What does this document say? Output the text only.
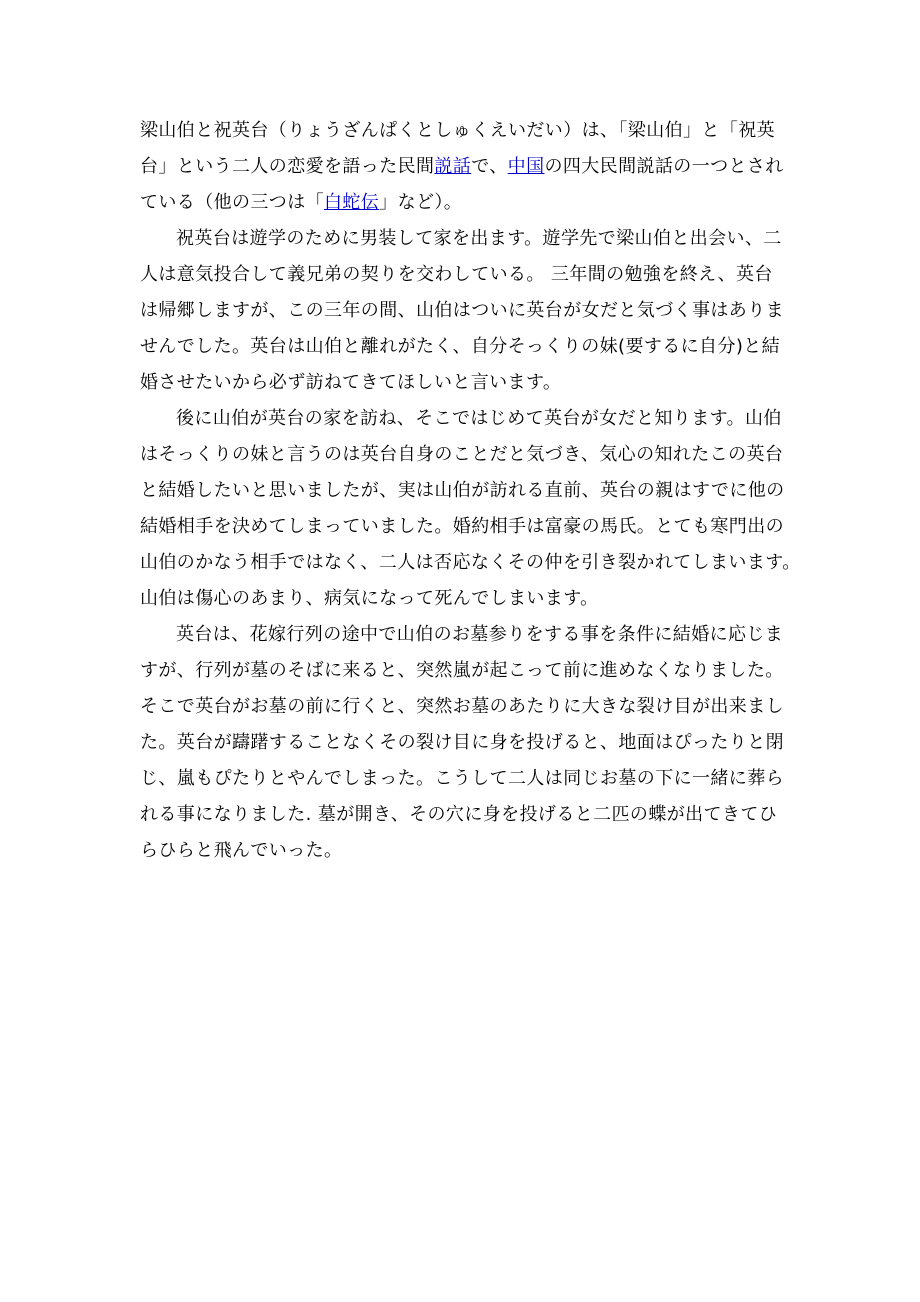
梁山伯と祝英台（りょうざんぱくとしゅくえいだい）は、「梁山伯」と「祝英
台」という二人の恋愛を語った民間説話で、中国の四大民間説話の一つとされ
ている（他の三つは「白蛇伝」など）。
祝英台は遊学のために男装して家を出ます。遊学先で梁山伯と出会い、二
人は意気投合して義兄弟の契りを交わしている。 三年間の勉強を終え、英台
は帰郷しますが、この三年の間、山伯はついに英台が女だと気づく事はありま
せんでした。英台は山伯と離れがたく、自分そっくりの妹(要するに自分)と結
婚させたいから必ず訪ねてきてほしいと言います。
後に山伯が英台の家を訪ね、そこではじめて英台が女だと知ります。山伯
はそっくりの妹と言うのは英台自身のことだと気づき、気心の知れたこの英台
と結婚したいと思いましたが、実は山伯が訪れる直前、英台の親はすでに他の
結婚相手を決めてしまっていました。婚約相手は富豪の馬氏。とても寒門出の
山伯のかなう相手ではなく、二人は否応なくその仲を引き裂かれてしまいます。
山伯は傷心のあまり、病気になって死んでしまいます。
英台は、花嫁行列の途中で山伯のお墓参りをする事を条件に結婚に応じま
すが、行列が墓のそばに来ると、突然嵐が起こって前に進めなくなりました。
そこで英台がお墓の前に行くと、突然お墓のあたりに大きな裂け目が出来まし
た。英台が躊躇することなくその裂け目に身を投げると、地面はぴったりと閉
じ、嵐もぴたりとやんでしまった。こうして二人は同じお墓の下に一緒に葬ら
れる事になりました. 墓が開き、その穴に身を投げると二匹の蝶が出てきてひ
らひらと飛んでいった。
